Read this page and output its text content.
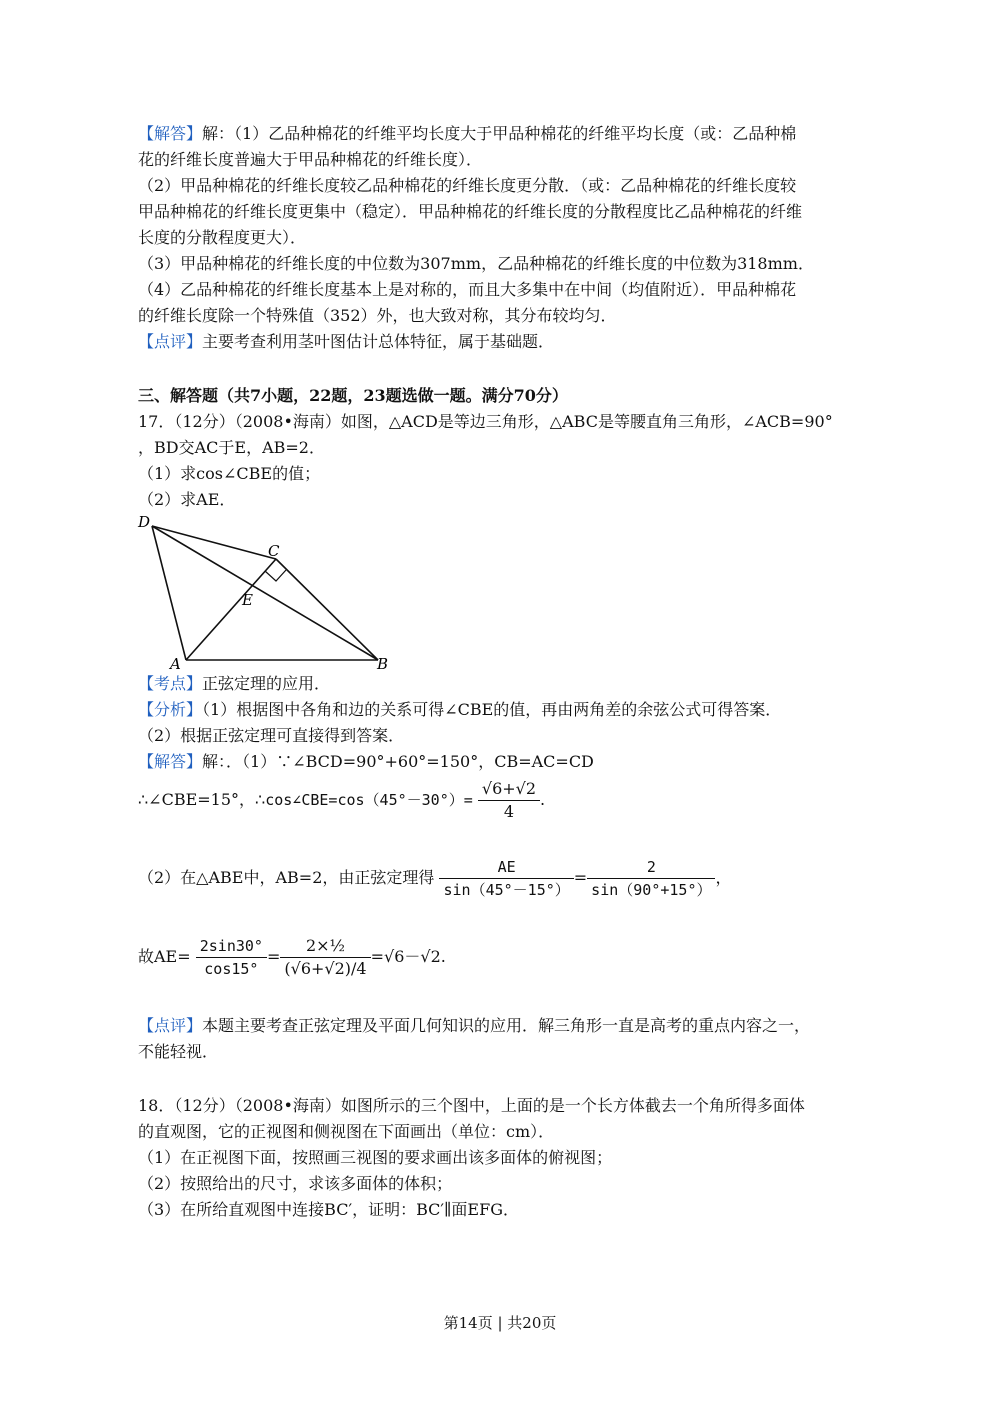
【解答】解：（1）乙品种棉花的纤维平均长度大于甲品种棉花的纤维平均长度（或：乙品种棉
花的纤维长度普遍大于甲品种棉花的纤维长度）．
（2）甲品种棉花的纤维长度较乙品种棉花的纤维长度更分散．（或：乙品种棉花的纤维长度较
甲品种棉花的纤维长度更集中（稳定）．甲品种棉花的纤维长度的分散程度比乙品种棉花的纤维
长度的分散程度更大）．
（3）甲品种棉花的纤维长度的中位数为307mm，乙品种棉花的纤维长度的中位数为318mm．
（4）乙品种棉花的纤维长度基本上是对称的，而且大多集中在中间（均值附近）．甲品种棉花
的纤维长度除一个特殊值（352）外，也大致对称，其分布较均匀．
【点评】主要考查利用茎叶图估计总体特征，属于基础题．
三、解答题（共7小题，22题，23题选做一题。满分70分）
17．（12分）（2008•海南）如图，△ACD是等边三角形，△ABC是等腰直角三角形，∠ACB=90°
，BD交AC于E，AB=2．
（1）求cos∠CBE的值；
（2）求AE．
D
C
E
A	B
【考点】正弦定理的应用．
【分析】（1）根据图中各角和边的关系可得∠CBE的值，再由两角差的余弦公式可得答案．
（2）根据正弦定理可直接得到答案．
【解答】解：．（1）∵∠BCD=90°+60°=150°，CB=AC=CD
∴∠CBE=15°，∴cos∠CBE=cos（45°－30°）= $\frac{√6+√2}{4}$ .
（2）在△ABE中，AB=2，由正弦定理得 $\frac{AE}{\sin(45^\circ-15^\circ)} = \frac{2}{\sin(90^\circ+15^\circ)}$ ，
故$AE= \frac{2\sin 30^\circ}{\cos 15^\circ} = \frac{\text{2×½}}{(√6+√2)/4} =√6-√2$.
【点评】本题主要考查正弦定理及平面几何知识的应用．解三角形一直是高考的重点内容之一，
不能轻视．
18．（12分）（2008•海南）如图所示的三个图中，上面的是一个长方体截去一个角所得多面体
的直观图，它的正视图和侧视图在下面画出（单位：cm）．
（1）在正视图下面，按照画三视图的要求画出该多面体的俯视图；
（2）按照给出的尺寸，求该多面体的体积；
（3）在所给直观图中连接BC′，证明：BC′∥面EFG．
第14页 | 共20页
